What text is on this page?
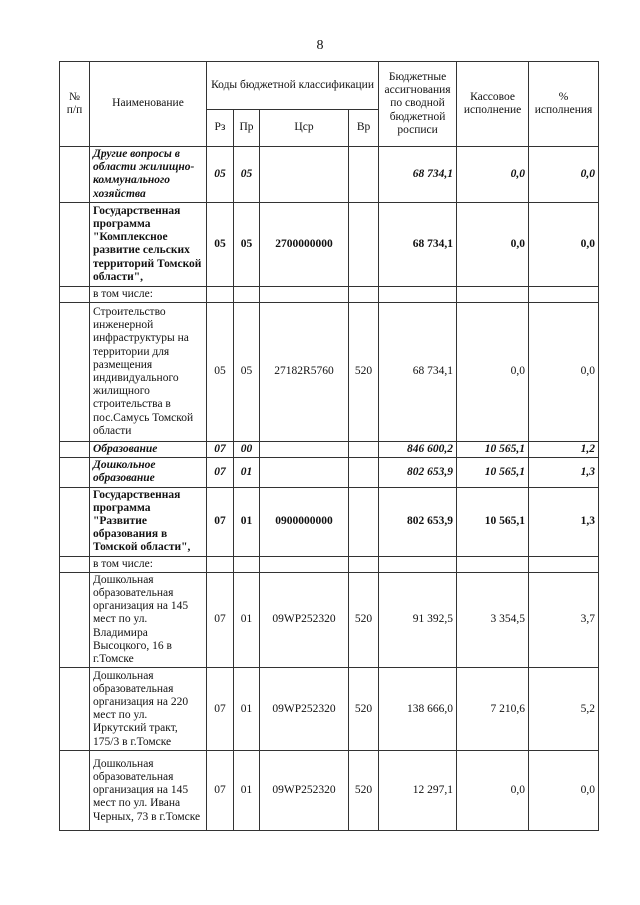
8
№ п/п	Наименование	Коды бюджетной классификации				Бюджетные ассигнования по сводной бюджетной росписи	Кассовое исполнение	% исполнения
		Рз	Пр	Цср	Вр			
	Другие вопросы в области жилищно-коммунального хозяйства	05	05			68 734,1	0,0	0,0
	Государственная программа "Комплексное развитие сельских территорий Томской области",	05	05	2700000000		68 734,1	0,0	0,0
	в том числе:							
	Строительство инженерной инфраструктуры на территории для размещения индивидуального жилищного строительства в пос.Самусь Томской области	05	05	27182R5760	520	68 734,1	0,0	0,0
	Образование	07	00			846 600,2	10 565,1	1,2
	Дошкольное образование	07	01			802 653,9	10 565,1	1,3
	Государственная программа "Развитие образования в Томской области",	07	01	0900000000		802 653,9	10 565,1	1,3
	в том числе:							
	Дошкольная образовательная организация на 145 мест по ул. Владимира Высоцкого, 16 в г.Томске	07	01	09WP252320	520	91 392,5	3 354,5	3,7
	Дошкольная образовательная организация на 220 мест по ул. Иркутский тракт, 175/3 в г.Томске	07	01	09WP252320	520	138 666,0	7 210,6	5,2
	Дошкольная образовательная организация на 145 мест по ул. Ивана Черных, 73 в г.Томске	07	01	09WP252320	520	12 297,1	0,0	0,0
